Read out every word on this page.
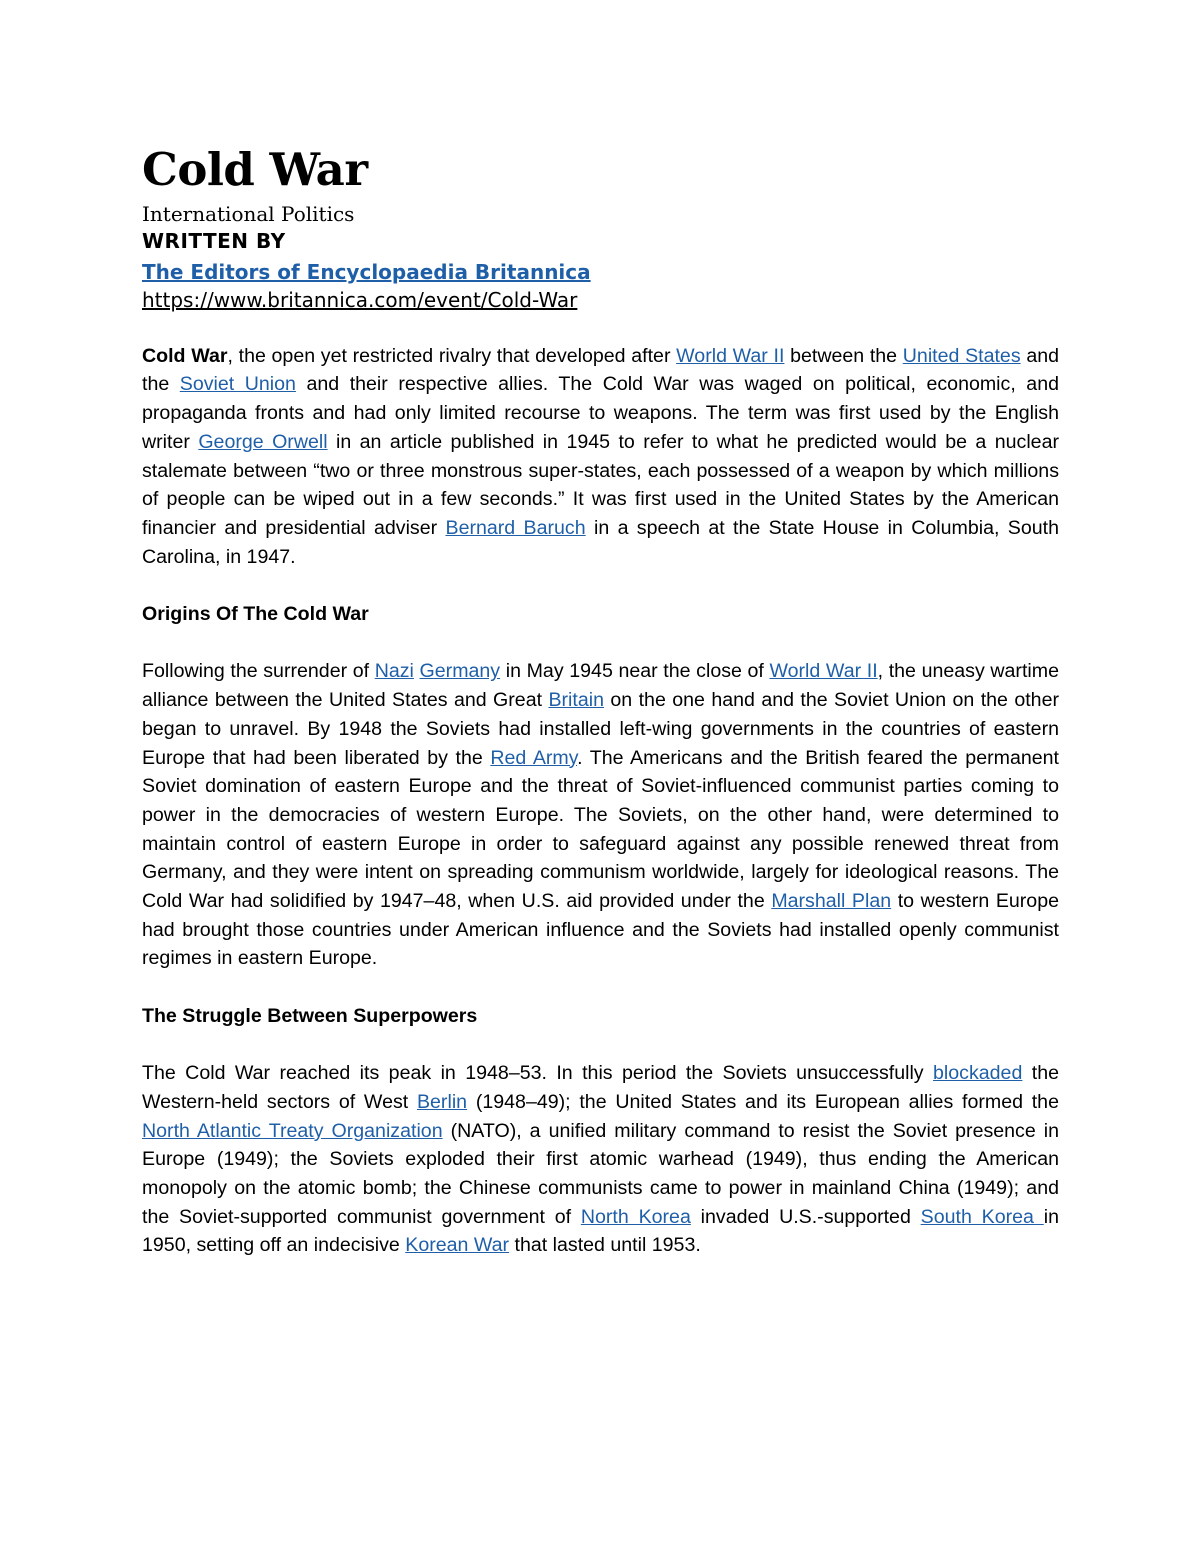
Cold War

International Politics

WRITTEN BY

The Editors of Encyclopaedia Britannica
https://www.britannica.com/event/Cold-War

Cold War, the open yet restricted rivalry that developed after World War II between the United States and the Soviet Union and their respective allies. The Cold War was waged on political, economic, and propaganda fronts and had only limited recourse to weapons. The term was first used by the English writer George Orwell in an article published in 1945 to refer to what he predicted would be a nuclear stalemate between “two or three monstrous super-states, each possessed of a weapon by which millions of people can be wiped out in a few seconds.” It was first used in the United States by the American financier and presidential adviser Bernard Baruch in a speech at the State House in Columbia, South Carolina, in 1947.

Origins Of The Cold War

Following the surrender of Nazi Germany in May 1945 near the close of World War II, the uneasy wartime alliance between the United States and Great Britain on the one hand and the Soviet Union on the other began to unravel. By 1948 the Soviets had installed left-wing governments in the countries of eastern Europe that had been liberated by the Red Army. The Americans and the British feared the permanent Soviet domination of eastern Europe and the threat of Soviet-influenced communist parties coming to power in the democracies of western Europe. The Soviets, on the other hand, were determined to maintain control of eastern Europe in order to safeguard against any possible renewed threat from Germany, and they were intent on spreading communism worldwide, largely for ideological reasons. The Cold War had solidified by 1947–48, when U.S. aid provided under the Marshall Plan to western Europe had brought those countries under American influence and the Soviets had installed openly communist regimes in eastern Europe.

The Struggle Between Superpowers

The Cold War reached its peak in 1948–53. In this period the Soviets unsuccessfully blockaded the Western-held sectors of West Berlin (1948–49); the United States and its European allies formed the North Atlantic Treaty Organization (NATO), a unified military command to resist the Soviet presence in Europe (1949); the Soviets exploded their first atomic warhead (1949), thus ending the American monopoly on the atomic bomb; the Chinese communists came to power in mainland China (1949); and the Soviet-supported communist government of North Korea invaded U.S.-supported South Korea in 1950, setting off an indecisive Korean War that lasted until 1953.
